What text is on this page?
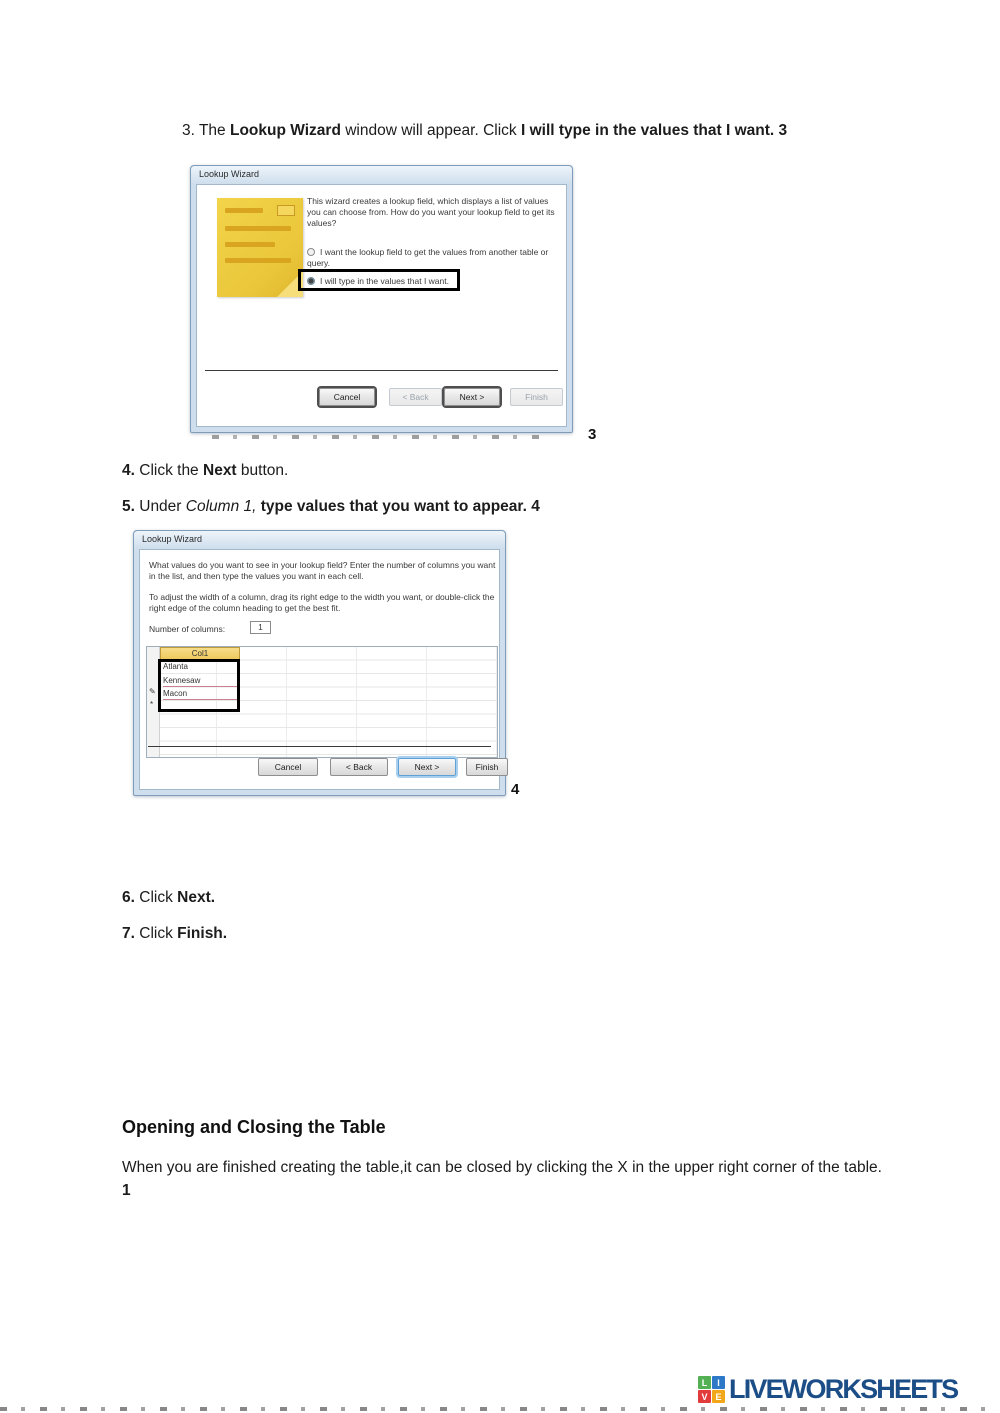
3. The Lookup Wizard window will appear. Click I will type in the values that I want. 3

Lookup Wizard
This wizard creates a lookup field, which displays a list of values you can choose from. How do you want your lookup field to get its values?
I want the lookup field to get the values from another table or query.
I will type in the values that I want.
Cancel	< Back	Next >	Finish
3

4. Click the Next button.

5. Under Column 1, type values that you want to appear. 4

Lookup Wizard
What values do you want to see in your lookup field? Enter the number of columns you want in the list, and then type the values you want in each cell.
To adjust the width of a column, drag its right edge to the width you want, or double-click the right edge of the column heading to get the best fit.
Number of columns:	1
Col1
Atlanta
Kennesaw
Macon
✎
*
Cancel	< Back	Next >	Finish
4

6. Click Next.

7. Click Finish.

Opening and Closing the Table

When you are finished creating the table,it can be closed by clicking the X in the upper right corner of the table. 1

L	I
V E LIVEWORKSHEETS
